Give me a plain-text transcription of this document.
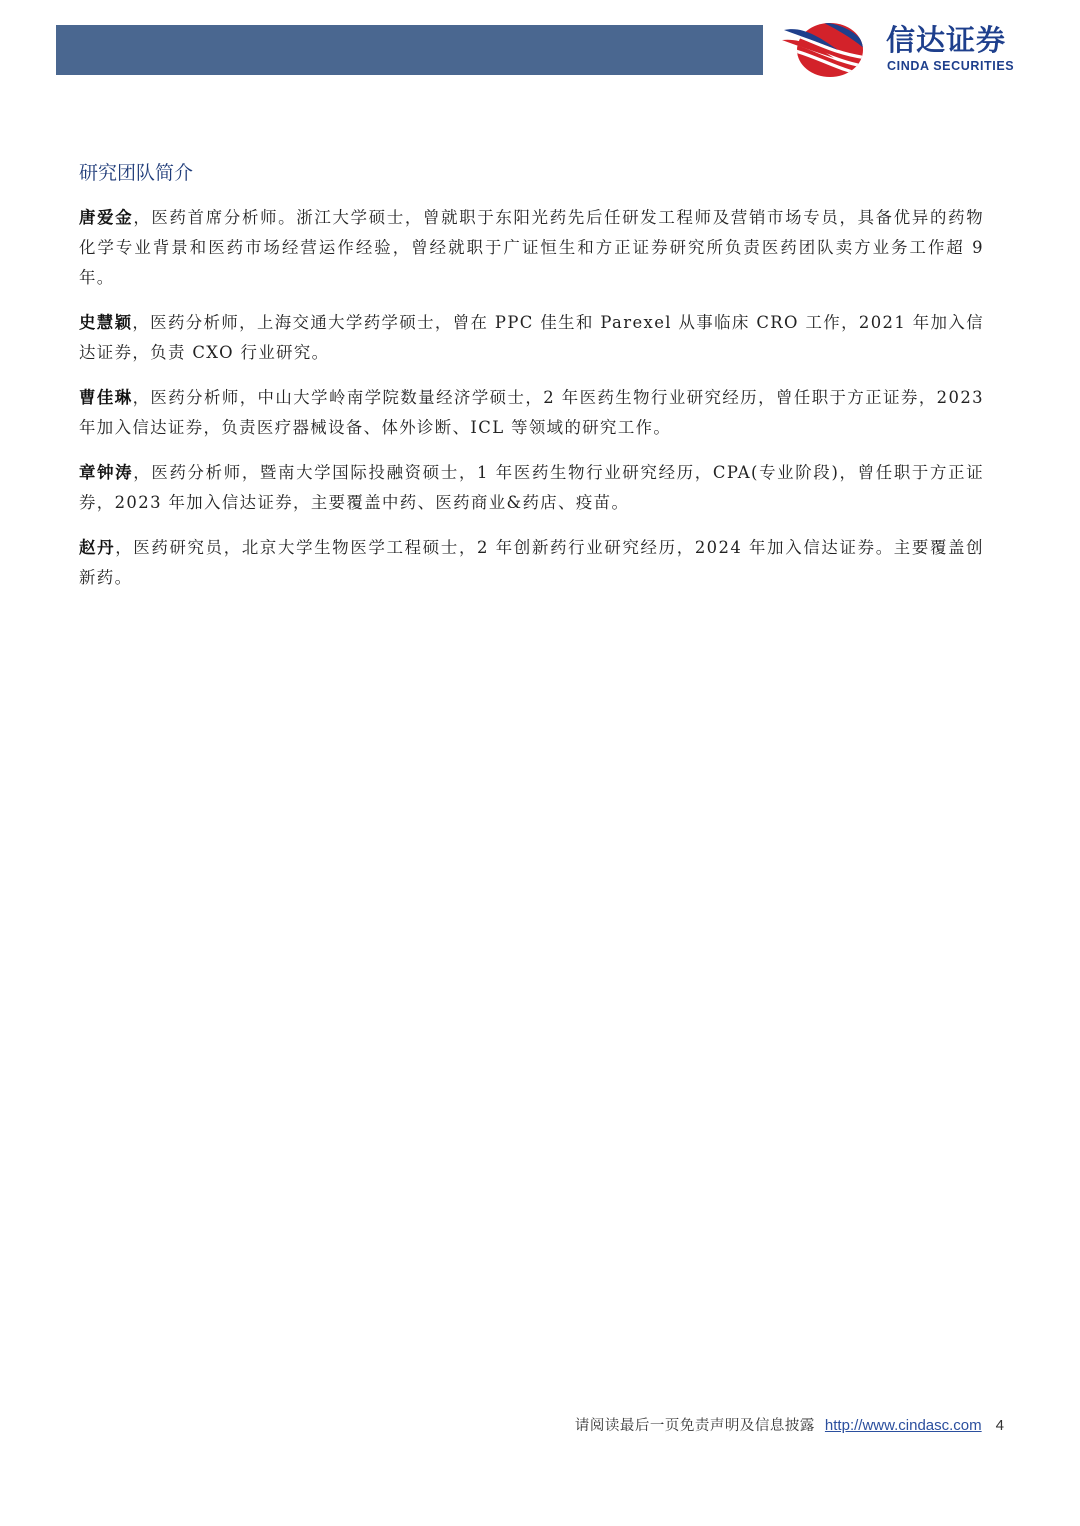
信达证券
CINDA SECURITIES
研究团队简介

唐爱金，医药首席分析师。浙江大学硕士，曾就职于东阳光药先后任研发工程师及营销市场专员，具备优异的药物化学专业背景和医药市场经营运作经验，曾经就职于广证恒生和方正证券研究所负责医药团队卖方业务工作超 9 年。

史慧颖，医药分析师，上海交通大学药学硕士，曾在 PPC 佳生和 Parexel 从事临床 CRO 工作，2021 年加入信达证券，负责 CXO 行业研究。

曹佳琳，医药分析师，中山大学岭南学院数量经济学硕士，2 年医药生物行业研究经历，曾任职于方正证券，2023 年加入信达证券，负责医疗器械设备、体外诊断、ICL 等领域的研究工作。

章钟涛，医药分析师，暨南大学国际投融资硕士，1 年医药生物行业研究经历，CPA(专业阶段)，曾任职于方正证券，2023 年加入信达证券，主要覆盖中药、医药商业&药店、疫苗。

赵丹，医药研究员，北京大学生物医学工程硕士，2 年创新药行业研究经历，2024 年加入信达证券。主要覆盖创新药。

请阅读最后一页免责声明及信息披露 http://www.cindasc.com 4
